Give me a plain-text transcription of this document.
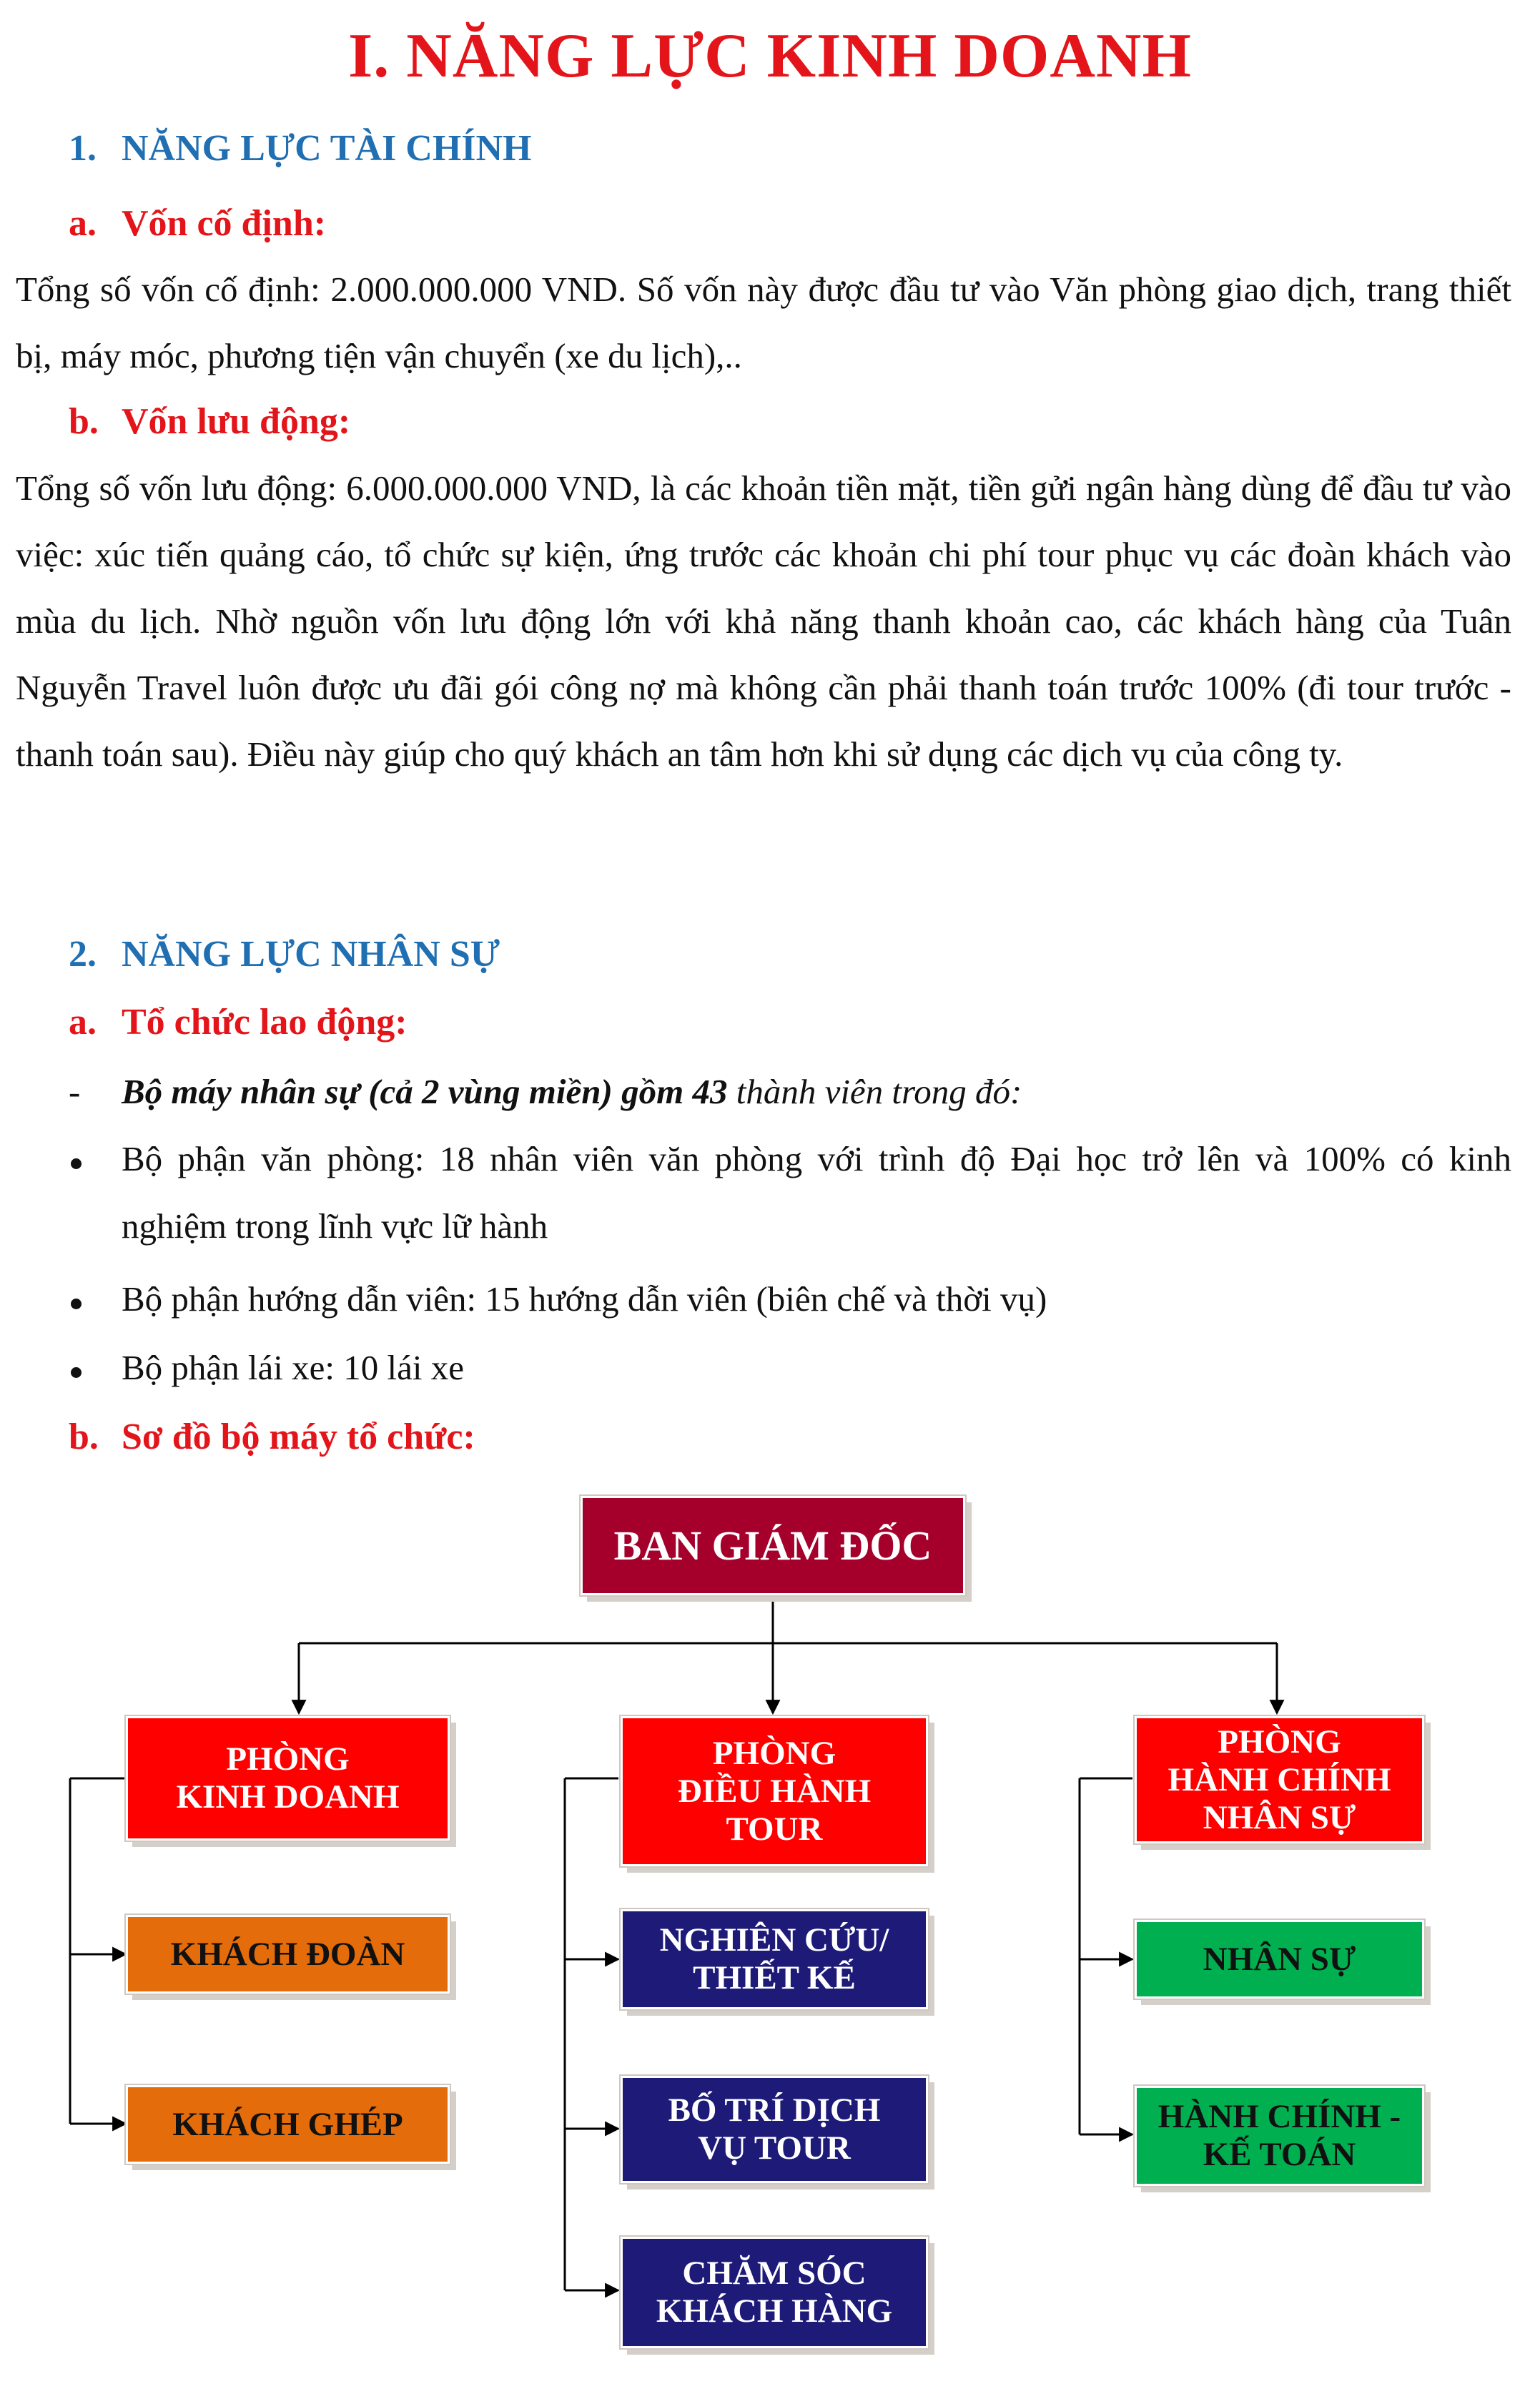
I. NĂNG LỰC KINH DOANH
1. NĂNG LỰC TÀI CHÍNH
a. Vốn cố định:
Tổng số vốn cố định: 2.000.000.000 VND. Số vốn này được đầu tư vào Văn phòng giao dịch, trang thiết bị, máy móc, phương tiện vận chuyển (xe du lịch),..
b. Vốn lưu động:
Tổng số vốn lưu động: 6.000.000.000 VND, là các khoản tiền mặt, tiền gửi ngân hàng dùng để đầu tư vào việc: xúc tiến quảng cáo, tổ chức sự kiện, ứng trước các khoản chi phí tour phục vụ các đoàn khách vào mùa du lịch. Nhờ nguồn vốn lưu động lớn với khả năng thanh khoản cao, các khách hàng của Tuân Nguyễn Travel luôn được ưu đãi gói công nợ mà không cần phải thanh toán trước 100% (đi tour trước - thanh toán sau). Điều này giúp cho quý khách an tâm hơn khi sử dụng các dịch vụ của công ty.
2. NĂNG LỰC NHÂN SỰ
a. Tổ chức lao động:
- Bộ máy nhân sự (cả 2 vùng miền) gồm 43 thành viên trong đó:
Bộ phận văn phòng: 18 nhân viên văn phòng với trình độ Đại học trở lên và 100% có kinh
nghiệm trong lĩnh vực lữ hành
Bộ phận hướng dẫn viên: 15 hướng dẫn viên (biên chế và thời vụ)
Bộ phận lái xe: 10 lái xe
b. Sơ đồ bộ máy tổ chức:
BAN GIÁM ĐỐC
PHÒNG
KINH DOANH
KHÁCH ĐOÀN
KHÁCH GHÉP
PHÒNG
ĐIỀU HÀNH
TOUR
NGHIÊN CỨU/
THIẾT KẾ
BỐ TRÍ DỊCH
VỤ TOUR
CHĂM SÓC
KHÁCH HÀNG
PHÒNG
HÀNH CHÍNH
NHÂN SỰ
NHÂN SỰ
HÀNH CHÍNH -
KẾ TOÁN
